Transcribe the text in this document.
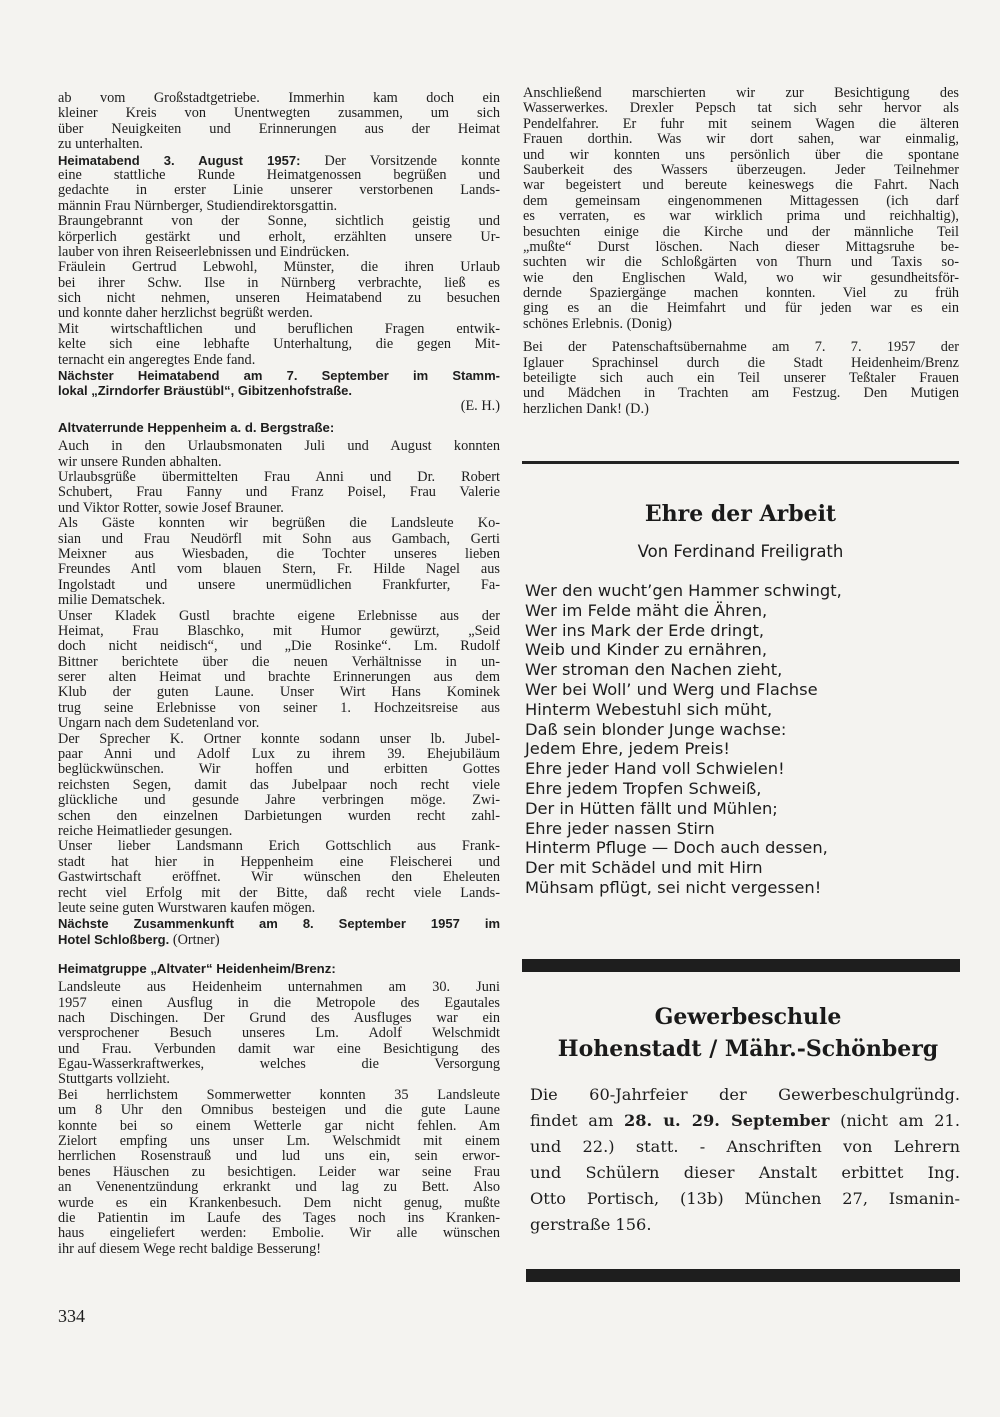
ab vom Großstadtgetriebe. Immerhin kam doch ein
kleiner Kreis von Unentwegten zusammen, um sich
über Neuigkeiten und Erinnerungen aus der Heimat
zu unterhalten.
Heimatabend 3. August 1957: Der Vorsitzende konnte
eine stattliche Runde Heimatgenossen begrüßen und
gedachte in erster Linie unserer verstorbenen Lands-
männin Frau Nürnberger, Studiendirektorsgattin.
Braungebrannt von der Sonne, sichtlich geistig und
körperlich gestärkt und erholt, erzählten unsere Ur-
lauber von ihren Reiseerlebnissen und Eindrücken.
Fräulein Gertrud Lebwohl, Münster, die ihren Urlaub
bei ihrer Schw. Ilse in Nürnberg verbrachte, ließ es
sich nicht nehmen, unseren Heimatabend zu besuchen
und konnte daher herzlichst begrüßt werden.
Mit wirtschaftlichen und beruflichen Fragen entwik-
kelte sich eine lebhafte Unterhaltung, die gegen Mit-
ternacht ein angeregtes Ende fand.
Nächster Heimatabend am 7. September im Stamm-
lokal „Zirndorfer Bräustübl“, Gibitzenhofstraße.
(E. H.)
Altvaterrunde Heppenheim a. d. Bergstraße:
Auch in den Urlaubsmonaten Juli und August konnten
wir unsere Runden abhalten.
Urlaubsgrüße übermittelten Frau Anni und Dr. Robert
Schubert, Frau Fanny und Franz Poisel, Frau Valerie
und Viktor Rotter, sowie Josef Brauner.
Als Gäste konnten wir begrüßen die Landsleute Ko-
sian und Frau Neudörfl mit Sohn aus Gambach, Gerti
Meixner aus Wiesbaden, die Tochter unseres lieben
Freundes Antl vom blauen Stern, Fr. Hilde Nagel aus
Ingolstadt und unsere unermüdlichen Frankfurter, Fa-
milie Dematschek.
Unser Kladek Gustl brachte eigene Erlebnisse aus der
Heimat, Frau Blaschko, mit Humor gewürzt, „Seid
doch nicht neidisch“, und „Die Rosinke“. Lm. Rudolf
Bittner berichtete über die neuen Verhältnisse in un-
serer alten Heimat und brachte Erinnerungen aus dem
Klub der guten Laune. Unser Wirt Hans Kominek
trug seine Erlebnisse von seiner 1. Hochzeitsreise aus
Ungarn nach dem Sudetenland vor.
Der Sprecher K. Ortner konnte sodann unser lb. Jubel-
paar Anni und Adolf Lux zu ihrem 39. Ehejubiläum
beglückwünschen. Wir hoffen und erbitten Gottes
reichsten Segen, damit das Jubelpaar noch recht viele
glückliche und gesunde Jahre verbringen möge. Zwi-
schen den einzelnen Darbietungen wurden recht zahl-
reiche Heimatlieder gesungen.
Unser lieber Landsmann Erich Gottschlich aus Frank-
stadt hat hier in Heppenheim eine Fleischerei und
Gastwirtschaft eröffnet. Wir wünschen den Eheleuten
recht viel Erfolg mit der Bitte, daß recht viele Lands-
leute seine guten Wurstwaren kaufen mögen.
Nächste Zusammenkunft am 8. September 1957 im
Hotel Schloßberg. (Ortner)
Heimatgruppe „Altvater“ Heidenheim/Brenz:
Landsleute aus Heidenheim unternahmen am 30. Juni
1957 einen Ausflug in die Metropole des Egautales
nach Dischingen. Der Grund des Ausfluges war ein
versprochener Besuch unseres Lm. Adolf Welschmidt
und Frau. Verbunden damit war eine Besichtigung des
Egau-Wasserkraftwerkes, welches die Versorgung
Stuttgarts vollzieht.
Bei herrlichstem Sommerwetter konnten 35 Landsleute
um 8 Uhr den Omnibus besteigen und die gute Laune
konnte bei so einem Wetterle gar nicht fehlen. Am
Zielort empfing uns unser Lm. Welschmidt mit einem
herrlichen Rosenstrauß und lud uns ein, sein erwor-
benes Häuschen zu besichtigen. Leider war seine Frau
an Venenentzündung erkrankt und lag zu Bett. Also
wurde es ein Krankenbesuch. Dem nicht genug, mußte
die Patientin im Laufe des Tages noch ins Kranken-
haus eingeliefert werden: Embolie. Wir alle wünschen
ihr auf diesem Wege recht baldige Besserung!
Anschließend marschierten wir zur Besichtigung des
Wasserwerkes. Drexler Pepsch tat sich sehr hervor als
Pendelfahrer. Er fuhr mit seinem Wagen die älteren
Frauen dorthin. Was wir dort sahen, war einmalig,
und wir konnten uns persönlich über die spontane
Sauberkeit des Wassers überzeugen. Jeder Teilnehmer
war begeistert und bereute keineswegs die Fahrt. Nach
dem gemeinsam eingenommenen Mittagessen (ich darf
es verraten, es war wirklich prima und reichhaltig),
besuchten einige die Kirche und der männliche Teil
„mußte“ Durst löschen. Nach dieser Mittagsruhe be-
suchten wir die Schloßgärten von Thurn und Taxis so-
wie den Englischen Wald, wo wir gesundheitsför-
dernde Spaziergänge machen konnten. Viel zu früh
ging es an die Heimfahrt und für jeden war es ein
schönes Erlebnis. (Donig)
Bei der Patenschaftsübernahme am 7. 7. 1957 der
Iglauer Sprachinsel durch die Stadt Heidenheim/Brenz
beteiligte sich auch ein Teil unserer Teßtaler Frauen
und Mädchen in Trachten am Festzug. Den Mutigen
herzlichen Dank! (D.)
Ehre der Arbeit
Von Ferdinand Freiligrath
Wer den wucht’gen Hammer schwingt,
Wer im Felde mäht die Ähren,
Wer ins Mark der Erde dringt,
Weib und Kinder zu ernähren,
Wer stroman den Nachen zieht,
Wer bei Woll’ und Werg und Flachse
Hinterm Webestuhl sich müht,
Daß sein blonder Junge wachse:
Jedem Ehre, jedem Preis!
Ehre jeder Hand voll Schwielen!
Ehre jedem Tropfen Schweiß,
Der in Hütten fällt und Mühlen;
Ehre jeder nassen Stirn
Hinterm Pfluge — Doch auch dessen,
Der mit Schädel und mit Hirn
Mühsam pflügt, sei nicht vergessen!
Gewerbeschule
Hohenstadt / Mähr.-Schönberg
Die 60-Jahrfeier der Gewerbeschulgründg.
findet am 28. u. 29. September (nicht am 21.
und 22.) statt. - Anschriften von Lehrern
und Schülern dieser Anstalt erbittet Ing.
Otto Portisch, (13b) München 27, Ismanin-
gerstraße 156.
334
